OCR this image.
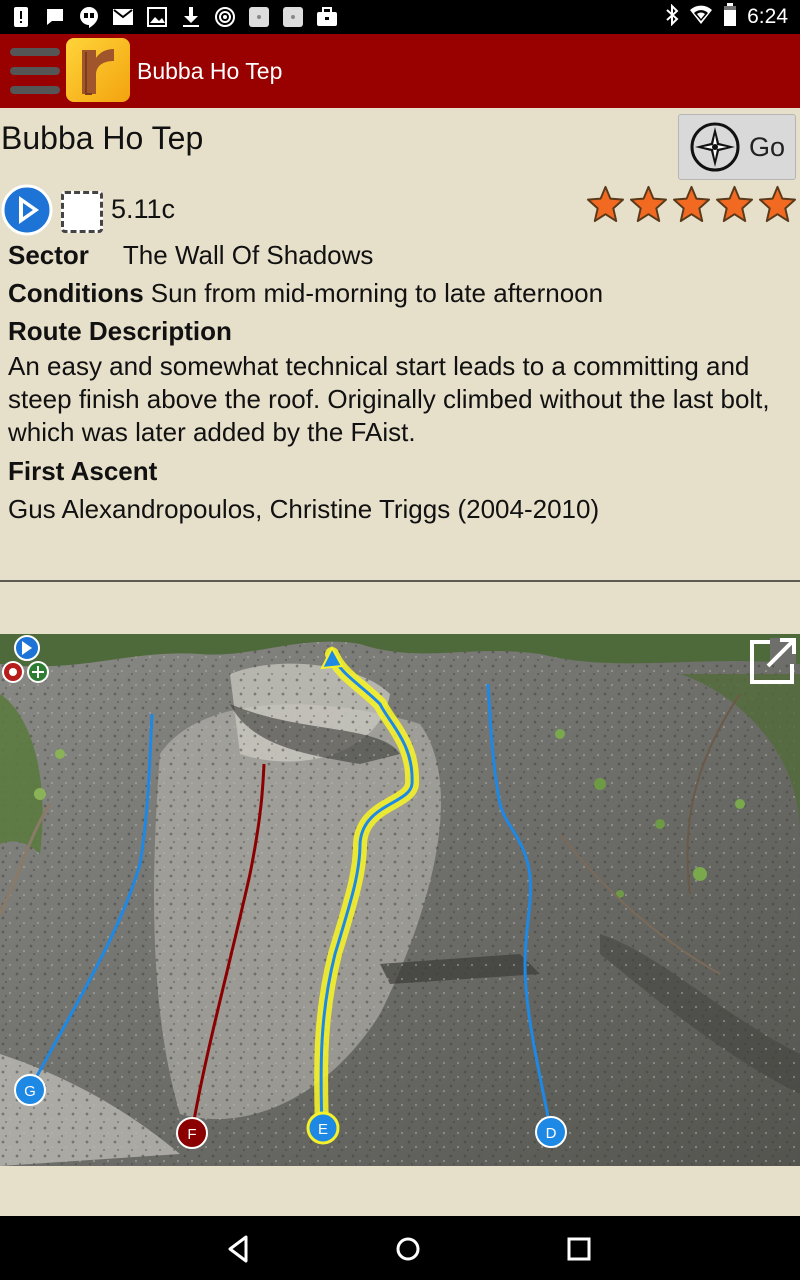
6:24
Bubba Ho Tep
Bubba Ho Tep	Go
5.11c
Sector The Wall Of Shadows
Conditions Sun from mid-morning to late afternoon
Route Description
An easy and somewhat technical start leads to a committing and steep finish above the roof. Originally climbed without the last bolt, which was later added by the FAist.
First Ascent
Gus Alexandropoulos, Christine Triggs (2004-2010)
G
F	E	D
